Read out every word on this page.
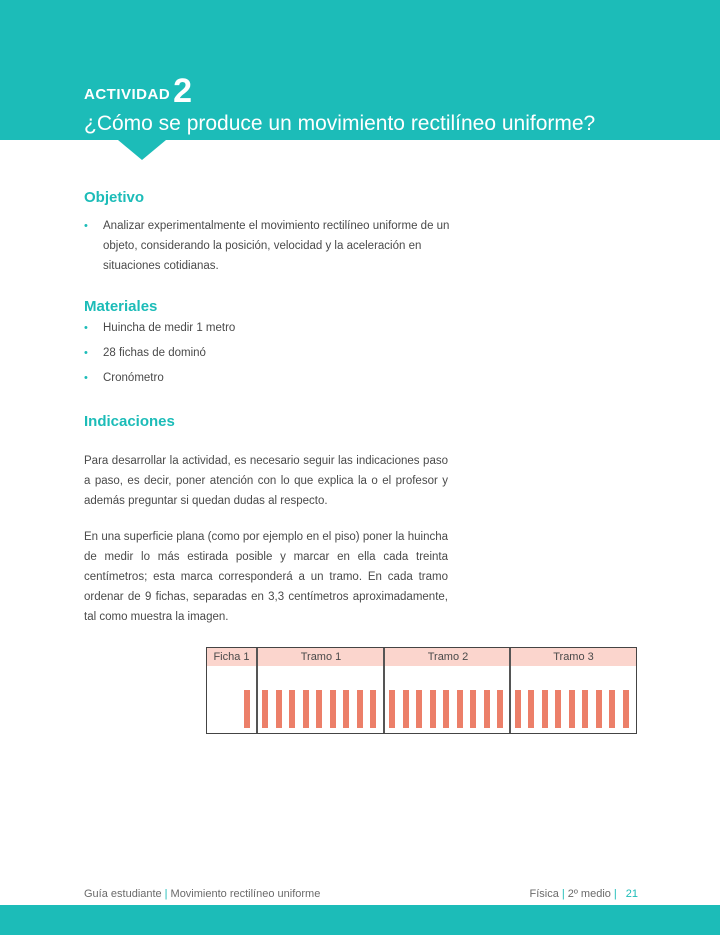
ACTIVIDAD2
¿Cómo se produce un movimiento rectilíneo uniforme?
Objetivo
• Analizar experimentalmente el movimiento rectilíneo uniforme de un objeto, considerando la posición, velocidad y la aceleración en situaciones cotidianas.
Materiales
• Huincha de medir 1 metro
• 28 fichas de dominó
• Cronómetro
Indicaciones
Para desarrollar la actividad, es necesario seguir las indicaciones paso a paso, es decir, poner atención con lo que explica la o el profesor y además preguntar si quedan dudas al respecto.
En una superficie plana (como por ejemplo en el piso) poner la huincha de medir lo más estirada posible y marcar en ella cada treinta centímetros; esta marca corresponderá a un tramo. En cada tramo ordenar de 9 fichas, separadas en 3,3 centímetros aproximadamente, tal como muestra la imagen.
Ficha 1	Tramo 1	Tramo 2	Tramo 3
Guía estudiante | Movimiento rectilíneo uniforme	Física | 2º medio | 21
